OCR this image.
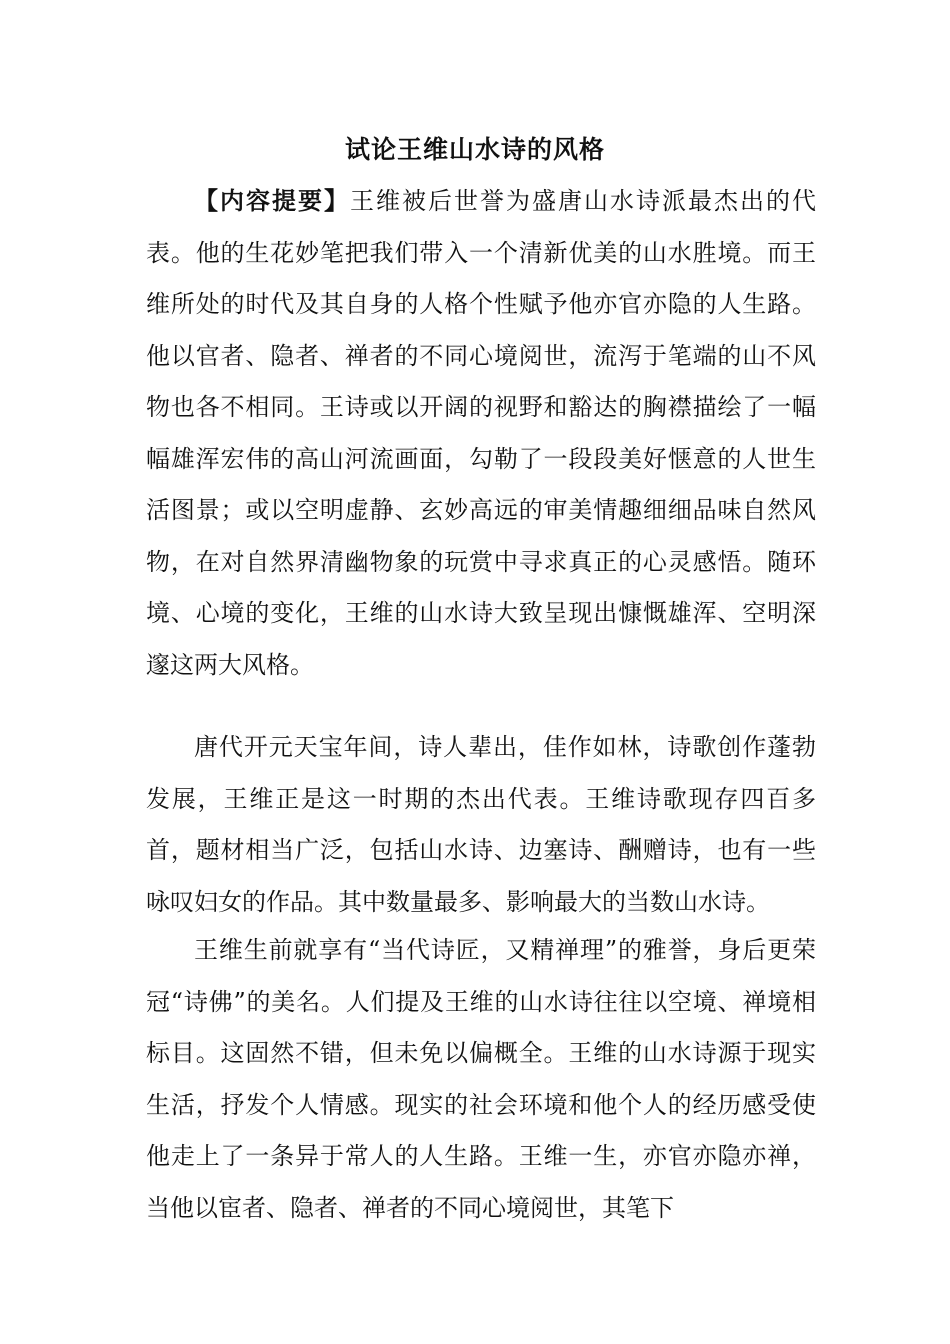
试论王维山水诗的风格

【内容提要】王维被后世誉为盛唐山水诗派最杰出的代表。他的生花妙笔把我们带入一个清新优美的山水胜境。而王维所处的时代及其自身的人格个性赋予他亦官亦隐的人生路。他以官者、隐者、禅者的不同心境阅世，流泻于笔端的山不风物也各不相同。王诗或以开阔的视野和豁达的胸襟描绘了一幅幅雄浑宏伟的高山河流画面，勾勒了一段段美好惬意的人世生活图景；或以空明虚静、玄妙高远的审美情趣细细品味自然风物，在对自然界清幽物象的玩赏中寻求真正的心灵感悟。随环境、心境的变化，王维的山水诗大致呈现出慷慨雄浑、空明深邃这两大风格。

唐代开元天宝年间，诗人辈出，佳作如林，诗歌创作蓬勃发展，王维正是这一时期的杰出代表。王维诗歌现存四百多首，题材相当广泛，包括山水诗、边塞诗、酬赠诗，也有一些咏叹妇女的作品。其中数量最多、影响最大的当数山水诗。

王维生前就享有“当代诗匠，又精禅理”的雅誉，身后更荣冠“诗佛”的美名。人们提及王维的山水诗往往以空境、禅境相标目。这固然不错，但未免以偏概全。王维的山水诗源于现实生活，抒发个人情感。现实的社会环境和他个人的经历感受使他走上了一条异于常人的人生路。王维一生，亦官亦隐亦禅，当他以宦者、隐者、禅者的不同心境阅世，其笔下
